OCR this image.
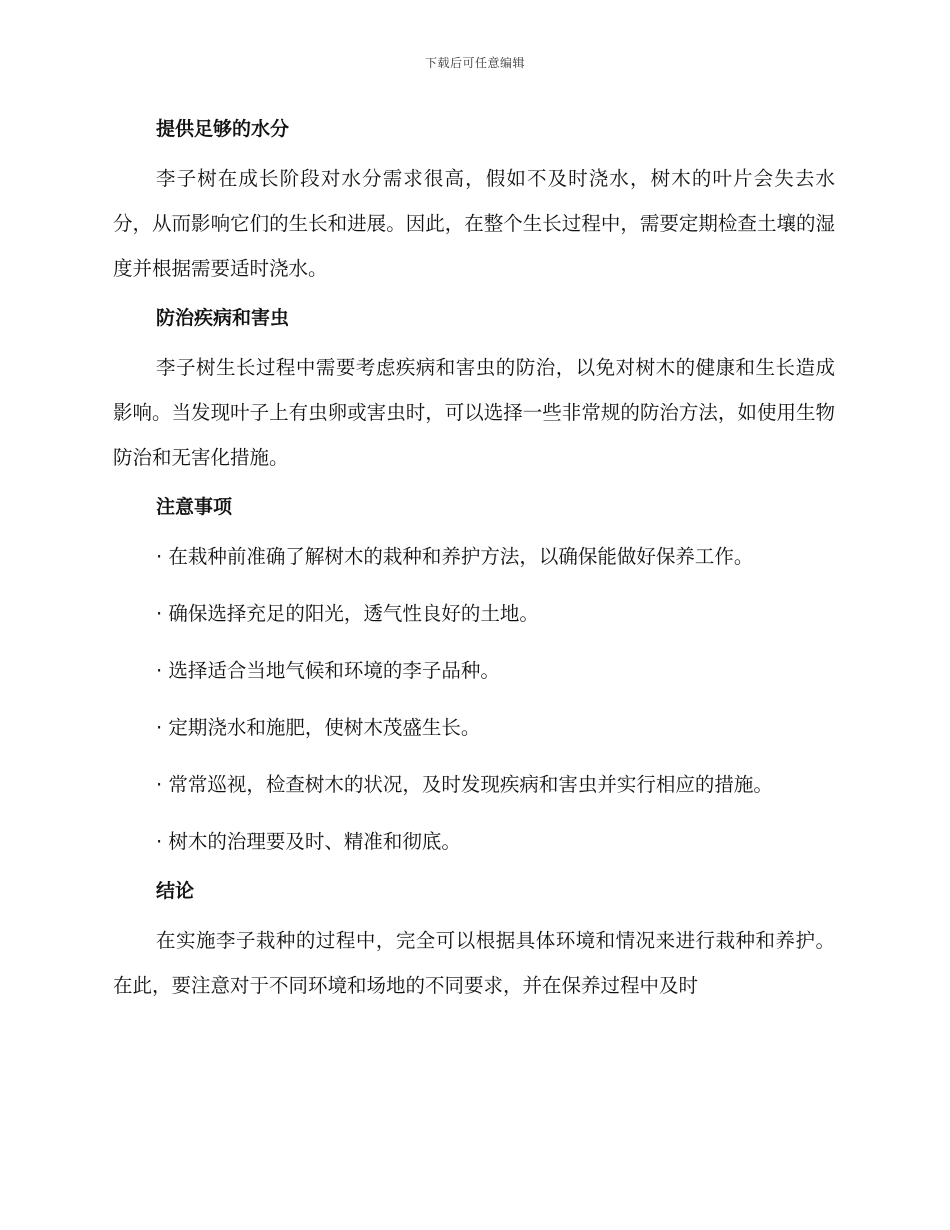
下载后可任意编辑
提供足够的水分

李子树在成长阶段对水分需求很高，假如不及时浇水，树木的叶片会失去水分，从而影响它们的生长和进展。因此，在整个生长过程中，需要定期检查土壤的湿度并根据需要适时浇水。

防治疾病和害虫

李子树生长过程中需要考虑疾病和害虫的防治，以免对树木的健康和生长造成影响。当发现叶子上有虫卵或害虫时，可以选择一些非常规的防治方法，如使用生物防治和无害化措施。

注意事项

· 在栽种前准确了解树木的栽种和养护方法，以确保能做好保养工作。

· 确保选择充足的阳光，透气性良好的土地。

· 选择适合当地气候和环境的李子品种。

· 定期浇水和施肥，使树木茂盛生长。

· 常常巡视，检查树木的状况，及时发现疾病和害虫并实行相应的措施。

· 树木的治理要及时、精准和彻底。

结论

在实施李子栽种的过程中，完全可以根据具体环境和情况来进行栽种和养护。在此，要注意对于不同环境和场地的不同要求，并在保养过程中及时
